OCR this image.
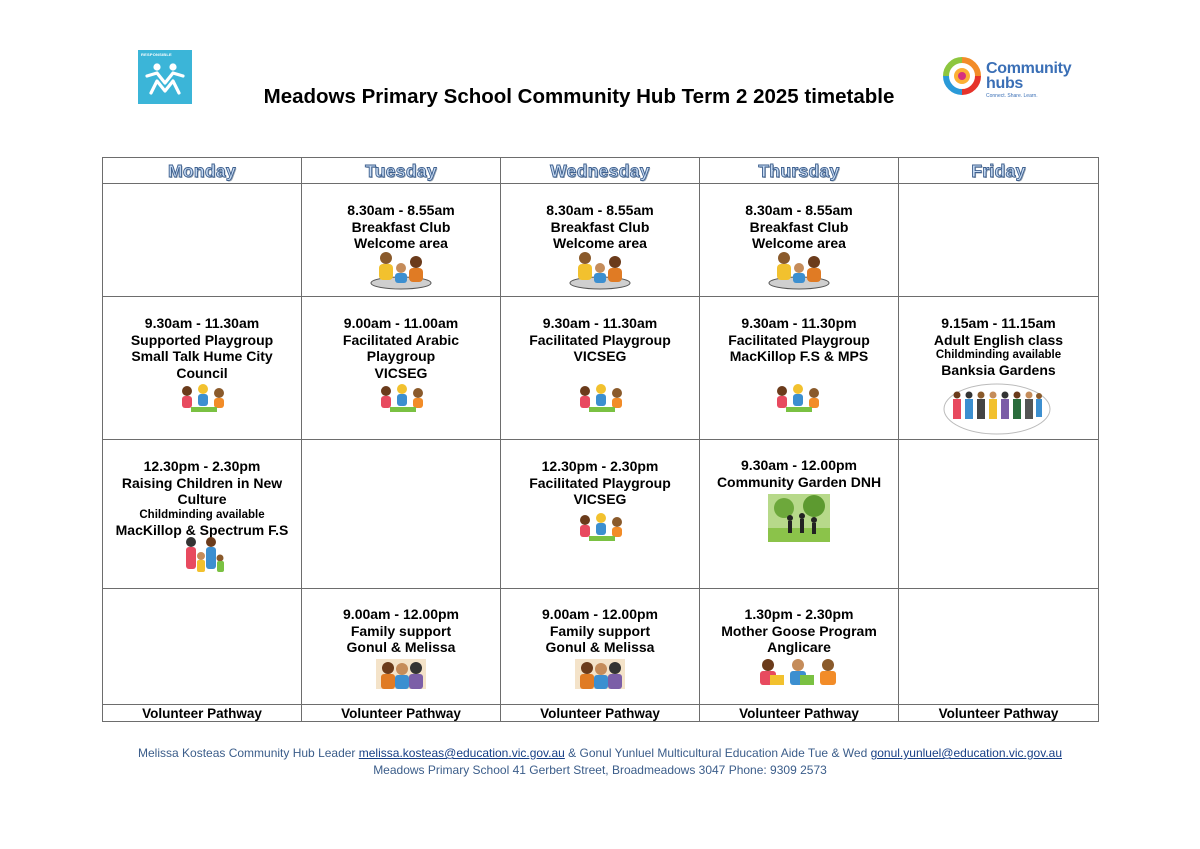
RESPONSIBLE
Community
hubs
Connect. Share. Learn.
Meadows Primary School Community Hub Term 2 2025 timetable
Monday	Tuesday	Wednesday	Thursday	Friday

	8.30am - 8.55am
Breakfast Club
Welcome area	8.30am - 8.55am
Breakfast Club
Welcome area	8.30am - 8.55am
Breakfast Club
Welcome area	

9.30am - 11.30am
Supported Playgroup
Small Talk Hume City
Council	9.00am - 11.00am
Facilitated Arabic
Playgroup
VICSEG	9.30am - 11.30am
Facilitated Playgroup
VICSEG	9.30am - 11.30pm
Facilitated Playgroup
MacKillop F.S & MPS	9.15am - 11.15am
Adult English class
Childminding available
Banksia Gardens

12.30pm - 2.30pm
Raising Children in New
Culture
Childminding available
MacKillop & Spectrum F.S		12.30pm - 2.30pm
Facilitated Playgroup
VICSEG	9.30am - 12.00pm
Community Garden DNH	

	9.00am - 12.00pm
Family support
Gonul & Melissa	9.00am - 12.00pm
Family support
Gonul & Melissa	1.30pm - 2.30pm
Mother Goose Program
Anglicare	

Volunteer Pathway	Volunteer Pathway	Volunteer Pathway	Volunteer Pathway	Volunteer Pathway
Melissa Kosteas Community Hub Leader melissa.kosteas@education.vic.gov.au & Gonul Yunluel Multicultural Education Aide Tue & Wed gonul.yunluel@education.vic.gov.au
Meadows Primary School 41 Gerbert Street, Broadmeadows 3047 Phone: 9309 2573
